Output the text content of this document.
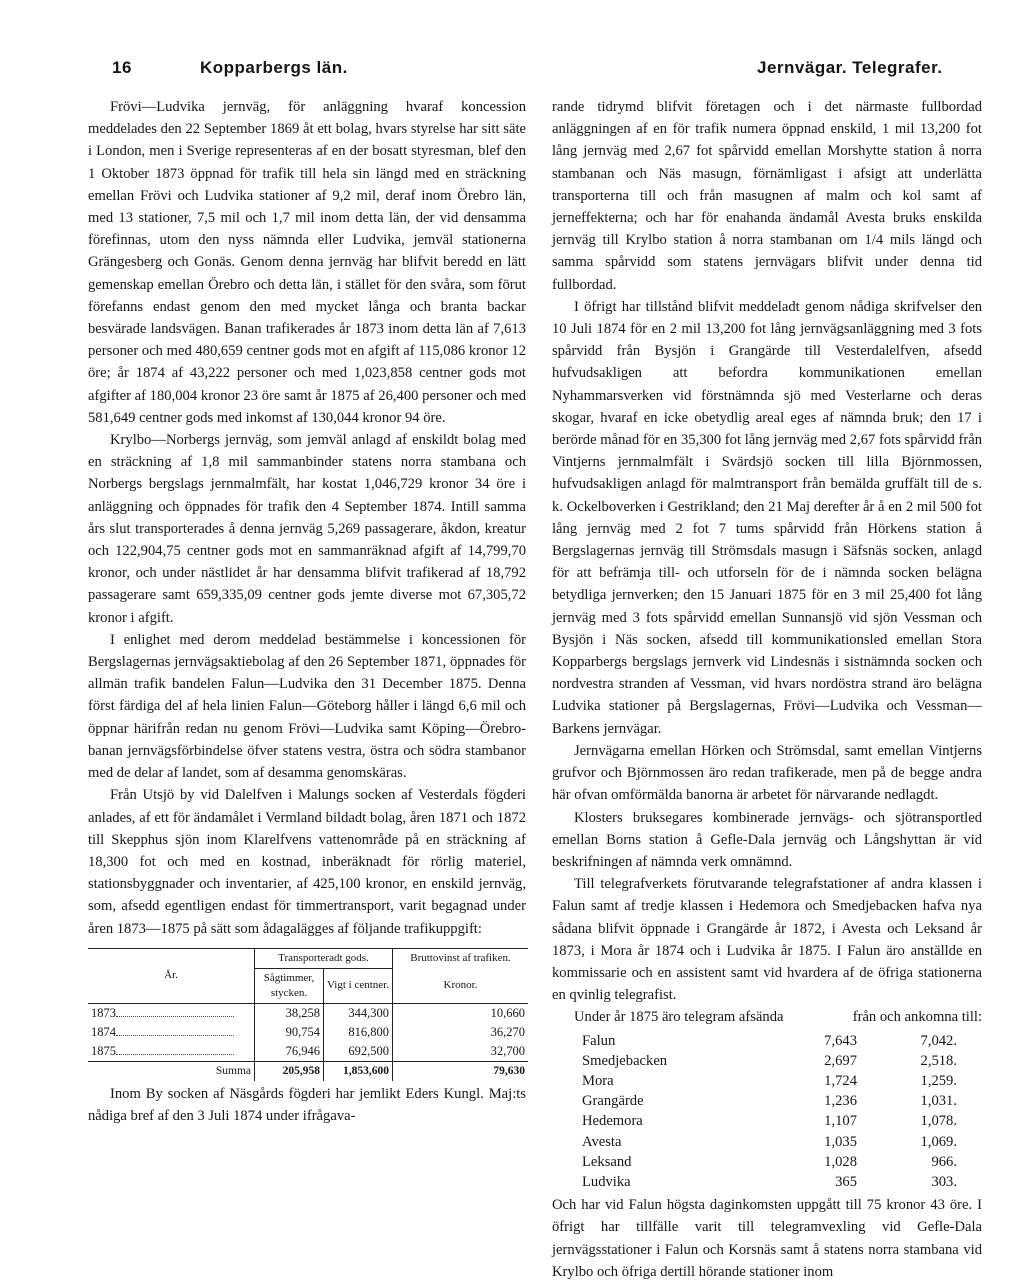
16	Kopparbergs län.	Jernvägar. Telegrafer.

Frövi—Ludvika jernväg, för anläggning hvaraf koncession meddelades den 22 September 1869 åt ett bolag, hvars styrelse har sitt säte i London, men i Sverige representeras af en der bosatt styresman, blef den 1 Oktober 1873 öppnad för trafik till hela sin längd med en sträckning emellan Frövi och Ludvika stationer af 9,2 mil, deraf inom Örebro län, med 13 stationer, 7,5 mil och 1,7 mil inom detta län, der vid densamma förefinnas, utom den nyss nämnda eller Ludvika, jemväl stationerna Grängesberg och Gonäs. Genom denna jernväg har blifvit beredd en lätt gemenskap emellan Örebro och detta län, i stället för den svåra, som förut förefanns endast genom den med mycket långa och branta backar besvärade landsvägen. Banan trafikerades år 1873 inom detta län af 7,613 personer och med 480,659 centner gods mot en afgift af 115,086 kronor 12 öre; år 1874 af 43,222 personer och med 1,023,858 centner gods mot afgifter af 180,004 kronor 23 öre samt år 1875 af 26,400 personer och med 581,649 centner gods med inkomst af 130,044 kronor 94 öre.

Krylbo—Norbergs jernväg, som jemväl anlagd af enskildt bolag med en sträckning af 1,8 mil sammanbinder statens norra stambana och Norbergs bergslags jernmalmfält, har kostat 1,046,729 kronor 34 öre i anläggning och öppnades för trafik den 4 September 1874. Intill samma års slut transporterades å denna jernväg 5,269 passagerare, åkdon, kreatur och 122,904,75 centner gods mot en sammanräknad afgift af 14,799,70 kronor, och under nästlidet år har densamma blifvit trafikerad af 18,792 passagerare samt 659,335,09 centner gods jemte diverse mot 67,305,72 kronor i afgift.

I enlighet med derom meddelad bestämmelse i koncessionen för Bergslagernas jernvägsaktiebolag af den 26 September 1871, öppnades för allmän trafik bandelen Falun—Ludvika den 31 December 1875. Denna först färdiga del af hela linien Falun—Göteborg håller i längd 6,6 mil och öppnar härifrån redan nu genom Frövi—Ludvika samt Köping—Örebro-banan jernvägsförbindelse öfver statens vestra, östra och södra stambanor med de delar af landet, som af desamma genomskäras.

Från Utsjö by vid Dalelfven i Malungs socken af Vesterdals fögderi anlades, af ett för ändamålet i Vermland bildadt bolag, åren 1871 och 1872 till Skepphus sjön inom Klarelfvens vattenområde på en sträckning af 18,300 fot och med en kostnad, inberäknadt för rörlig materiel, stationsbyggnader och inventarier, af 425,100 kronor, en enskild jernväg, som, afsedd egentligen endast för timmertransport, varit begagnad under åren 1873—1875 på sätt som ådagalägges af följande trafikuppgift:

År.	Transporteradt gods.		Bruttovinst af trafiken.
	Sågtimmer, stycken.	Vigt i centner.	Kronor.
1873	38,258	344,300	10,660
1874	90,754	816,800	36,270
1875	76,946	692,500	32,700
Summa	205,958	1,853,600	79,630

Inom By socken af Näsgårds fögderi har jemlikt Eders Kungl. Maj:ts nådiga bref af den 3 Juli 1874 under ifrågava-

rande tidrymd blifvit företagen och i det närmaste fullbordad anläggningen af en för trafik numera öppnad enskild, 1 mil 13,200 fot lång jernväg med 2,67 fot spårvidd emellan Morshytte station å norra stambanan och Näs masugn, förnämligast i afsigt att underlätta transporterna till och från masugnen af malm och kol samt af jerneffekterna; och har för enahanda ändamål Avesta bruks enskilda jernväg till Krylbo station å norra stambanan om 1/4 mils längd och samma spårvidd som statens jernvägars blifvit under denna tid fullbordad.

I öfrigt har tillstånd blifvit meddeladt genom nådiga skrifvelser den 10 Juli 1874 för en 2 mil 13,200 fot lång jernvägsanläggning med 3 fots spårvidd från Bysjön i Grangärde till Vesterdalelfven, afsedd hufvudsakligen att befordra kommunikationen emellan Nyhammarsverken vid förstnämnda sjö med Vesterlarne och deras skogar, hvaraf en icke obetydlig areal eges af nämnda bruk; den 17 i berörde månad för en 35,300 fot lång jernväg med 2,67 fots spårvidd från Vintjerns jernmalmfält i Svärdsjö socken till lilla Björnmossen, hufvudsakligen anlagd för malmtransport från bemälda gruffält till de s. k. Ockelboverken i Gestrikland; den 21 Maj derefter år å en 2 mil 500 fot lång jernväg med 2 fot 7 tums spårvidd från Hörkens station å Bergslagernas jernväg till Strömsdals masugn i Säfsnäs socken, anlagd för att befrämja till- och utforseln för de i nämnda socken belägna betydliga jernverken; den 15 Januari 1875 för en 3 mil 25,400 fot lång jernväg med 3 fots spårvidd emellan Sunnansjö vid sjön Vessman och Bysjön i Näs socken, afsedd till kommunikationsled emellan Stora Kopparbergs bergslags jernverk vid Lindesnäs i sistnämnda socken och nordvestra stranden af Vessman, vid hvars nordöstra strand äro belägna Ludvika stationer på Bergslagernas, Frövi—Ludvika och Vessman—Barkens jernvägar.

Jernvägarna emellan Hörken och Strömsdal, samt emellan Vintjerns grufvor och Björnmossen äro redan trafikerade, men på de begge andra här ofvan omförmälda banorna är arbetet för närvarande nedlagdt.

Klosters bruksegares kombinerade jernvägs- och sjötransportled emellan Borns station å Gefle-Dala jernväg och Långshyttan är vid beskrifningen af nämnda verk omnämnd.

Till telegrafverkets förutvarande telegrafstationer af andra klassen i Falun samt af tredje klassen i Hedemora och Smedjebacken hafva nya sådana blifvit öppnade i Grangärde år 1872, i Avesta och Leksand år 1873, i Mora år 1874 och i Ludvika år 1875. I Falun äro anställde en kommissarie och en assistent samt vid hvardera af de öfriga stationerna en qvinlig telegrafist.

Under år 1875 äro telegram afsända	från och ankomna till:
Falun	7,643	7,042.
Smedjebacken	2,697	2,518.
Mora	1,724	1,259.
Grangärde	1,236	1,031.
Hedemora	1,107	1,078.
Avesta	1,035	1,069.
Leksand	1,028	966.
Ludvika	365	303.

Och har vid Falun högsta daginkomsten uppgått till 75 kronor 43 öre. I öfrigt har tillfälle varit till telegramvexling vid Gefle-Dala jernvägsstationer i Falun och Korsnäs samt å statens norra stambana vid Krylbo och öfriga dertill hörande stationer inom
